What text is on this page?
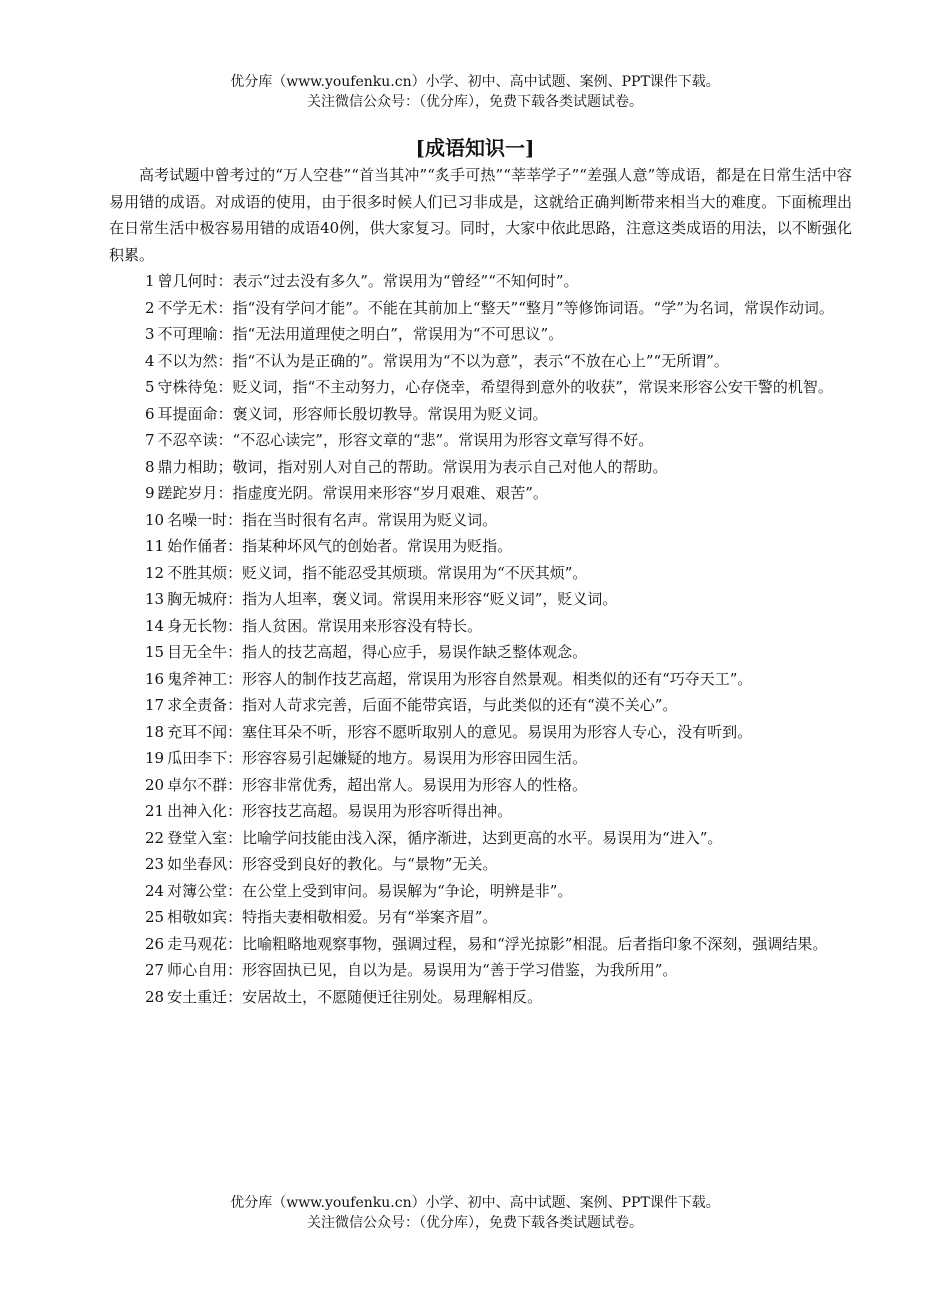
优分库（www.youfenku.cn）小学、初中、高中试题、案例、PPT课件下载。
关注微信公众号：（优分库），免费下载各类试题试卷。
[成语知识一]
高考试题中曾考过的“万人空巷”“首当其冲”“炙手可热”“莘莘学子”“差强人意”等成语，都是在日常生活中容易用错的成语。对成语的使用，由于很多时候人们已习非成是，这就给正确判断带来相当大的难度。下面梳理出在日常生活中极容易用错的成语40例，供大家复习。同时，大家中依此思路，注意这类成语的用法，以不断强化积累。
1 曾几何时：表示“过去没有多久”。常误用为“曾经”“不知何时”。
2 不学无术：指“没有学问才能”。不能在其前加上“整天”“整月”等修饰词语。“学”为名词，常误作动词。
3 不可理喻：指“无法用道理使之明白”，常误用为“不可思议”。
4 不以为然：指“不认为是正确的”。常误用为“不以为意”，表示“不放在心上”“无所谓”。
5 守株待兔：贬义词，指“不主动努力，心存侥幸，希望得到意外的收获”，常误来形容公安干警的机智。
6 耳提面命：褒义词，形容师长殷切教导。常误用为贬义词。
7 不忍卒读：“不忍心读完”，形容文章的“悲”。常误用为形容文章写得不好。
8 鼎力相助；敬词，指对别人对自己的帮助。常误用为表示自己对他人的帮助。
9 蹉跎岁月：指虚度光阴。常误用来形容“岁月艰难、艰苦”。
10 名噪一时：指在当时很有名声。常误用为贬义词。
11 始作俑者：指某种坏风气的创始者。常误用为贬指。
12 不胜其烦：贬义词，指不能忍受其烦琐。常误用为“不厌其烦”。
13 胸无城府：指为人坦率，褒义词。常误用来形容“贬义词”，贬义词。
14 身无长物：指人贫困。常误用来形容没有特长。
15 目无全牛：指人的技艺高超，得心应手，易误作缺乏整体观念。
16 鬼斧神工：形容人的制作技艺高超，常误用为形容自然景观。相类似的还有“巧夺天工”。
17 求全责备：指对人苛求完善，后面不能带宾语，与此类似的还有“漠不关心”。
18 充耳不闻：塞住耳朵不听，形容不愿听取别人的意见。易误用为形容人专心，没有听到。
19 瓜田李下：形容容易引起嫌疑的地方。易误用为形容田园生活。
20 卓尔不群：形容非常优秀，超出常人。易误用为形容人的性格。
21 出神入化：形容技艺高超。易误用为形容听得出神。
22 登堂入室：比喻学问技能由浅入深，循序渐进，达到更高的水平。易误用为“进入”。
23 如坐春风：形容受到良好的教化。与“景物”无关。
24 对簿公堂：在公堂上受到审问。易误解为“争论，明辨是非”。
25 相敬如宾：特指夫妻相敬相爱。另有“举案齐眉”。
26 走马观花：比喻粗略地观察事物，强调过程，易和“浮光掠影”相混。后者指印象不深刻，强调结果。
27 师心自用：形容固执已见，自以为是。易误用为“善于学习借鉴，为我所用”。
28 安土重迁：安居故土，不愿随便迁往别处。易理解相反。
优分库（www.youfenku.cn）小学、初中、高中试题、案例、PPT课件下载。
关注微信公众号：（优分库），免费下载各类试题试卷。
